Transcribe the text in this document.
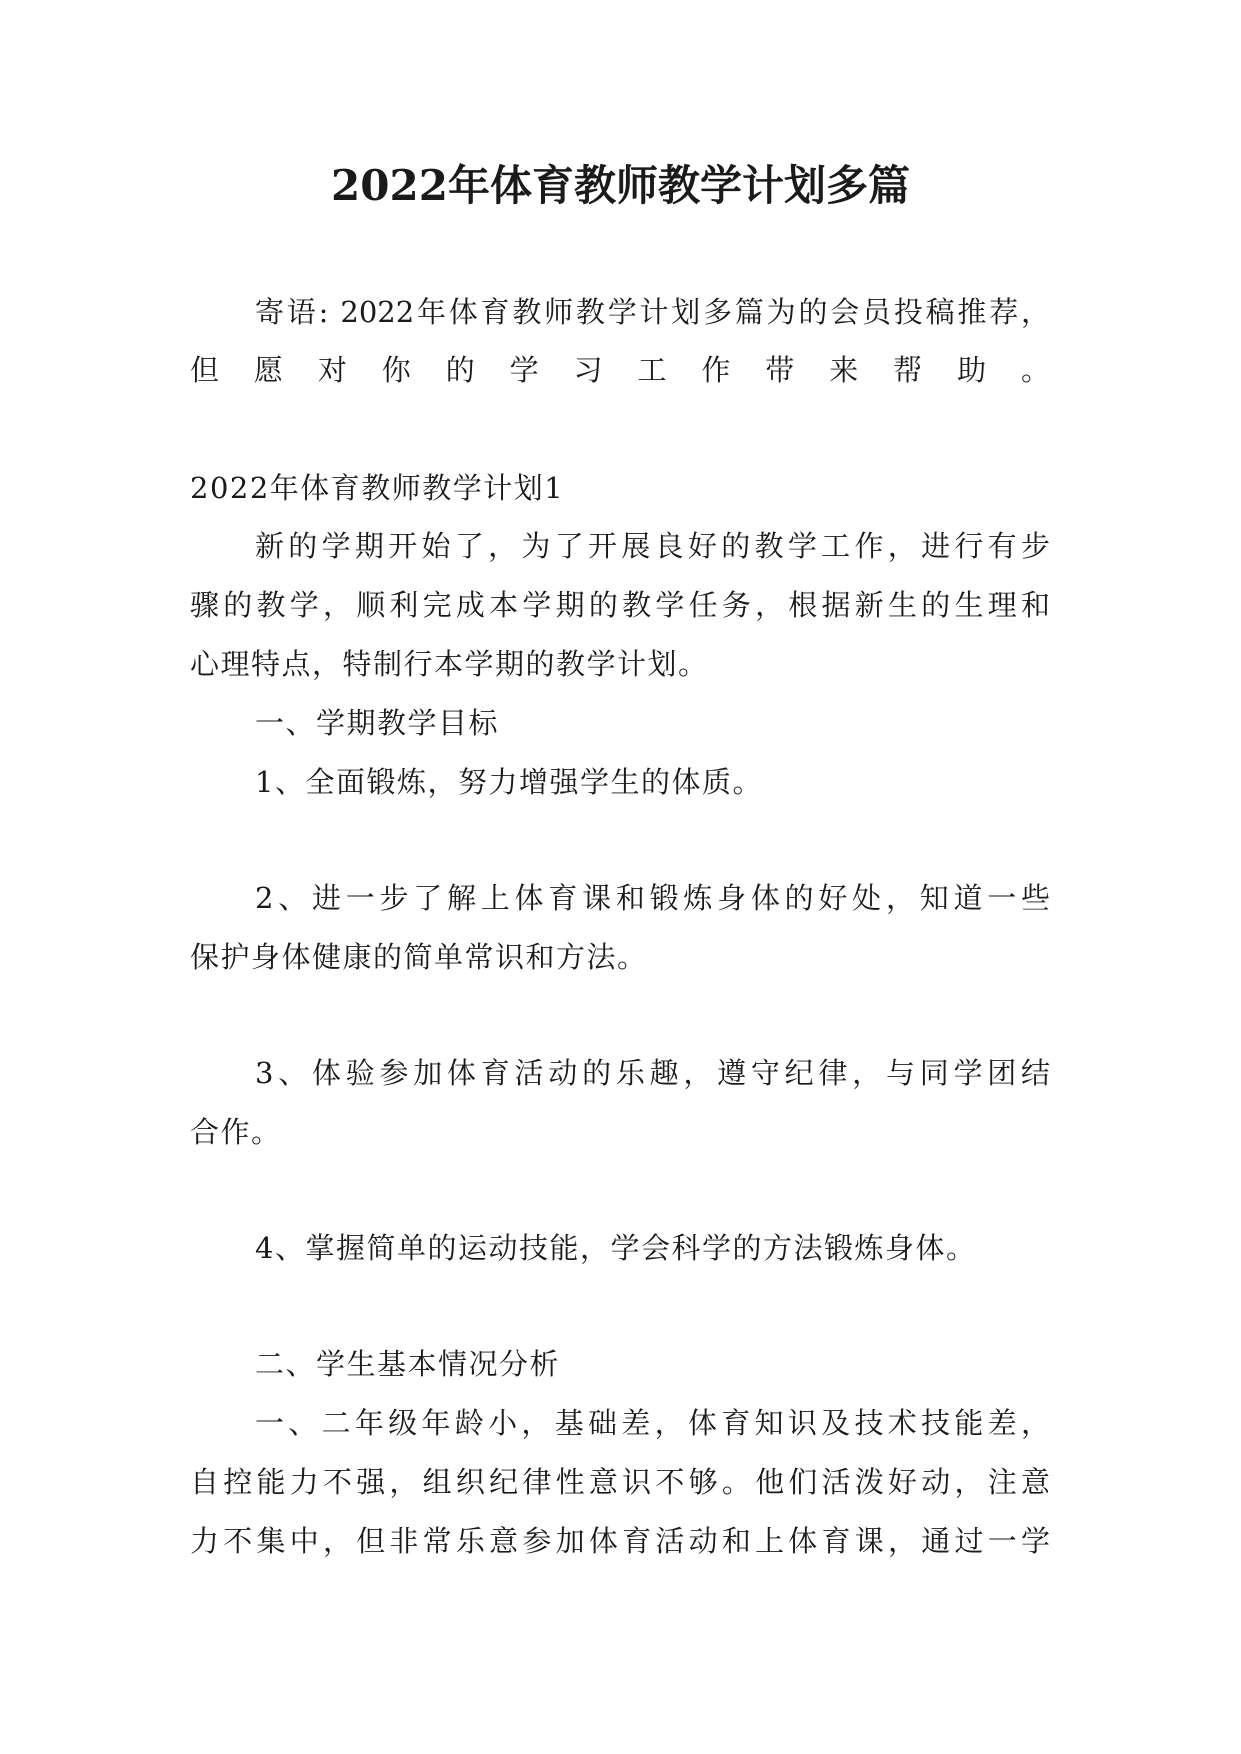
2022年体育教师教学计划多篇
寄语: 2022年体育教师教学计划多篇为的会员投稿推荐，
但愿对你的学习工作带来帮助。
2022年体育教师教学计划1
新的学期开始了，为了开展良好的教学工作，进行有步
骤的教学，顺利完成本学期的教学任务，根据新生的生理和
心理特点，特制行本学期的教学计划。
一、学期教学目标
1、全面锻炼，努力增强学生的体质。
2、进一步了解上体育课和锻炼身体的好处，知道一些
保护身体健康的简单常识和方法。
3、体验参加体育活动的乐趣，遵守纪律，与同学团结
合作。
4、掌握简单的运动技能，学会科学的方法锻炼身体。
二、学生基本情况分析
一、二年级年龄小，基础差，体育知识及技术技能差，
自控能力不强，组织纪律性意识不够。他们活泼好动，注意
力不集中，但非常乐意参加体育活动和上体育课，通过一学
